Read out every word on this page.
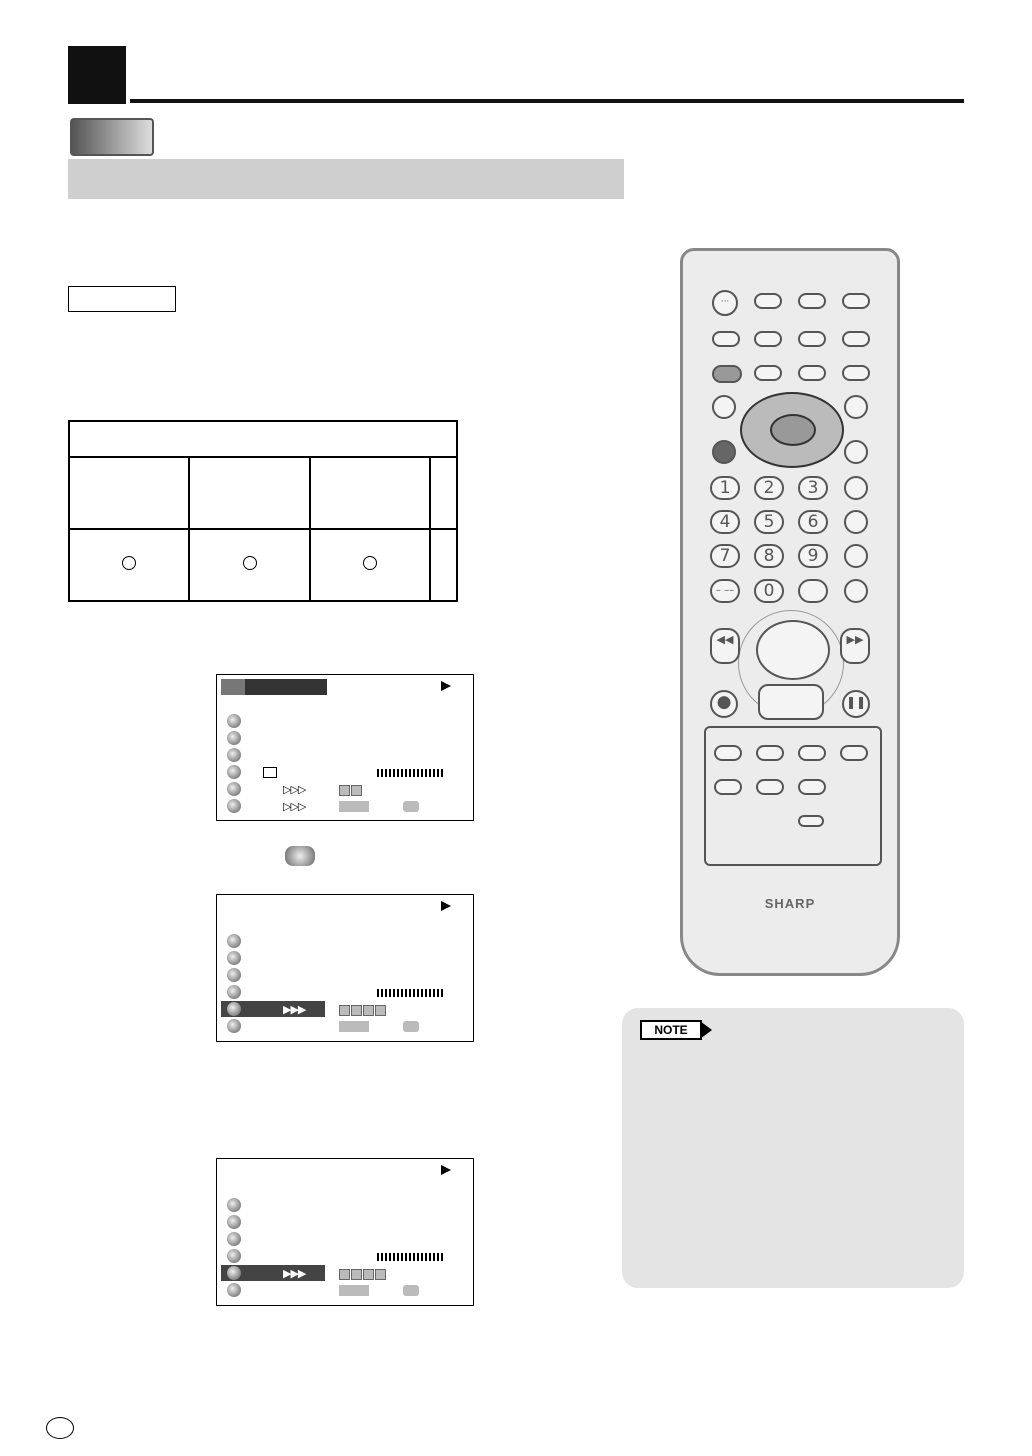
▷▷▷
▷▷▷
▶▶▶
▶▶▶
···
1	2	3
4	5	6
7	8	9
– ––	0
◀◀	▶▶
●	❚❚
SHARP
NOTE
